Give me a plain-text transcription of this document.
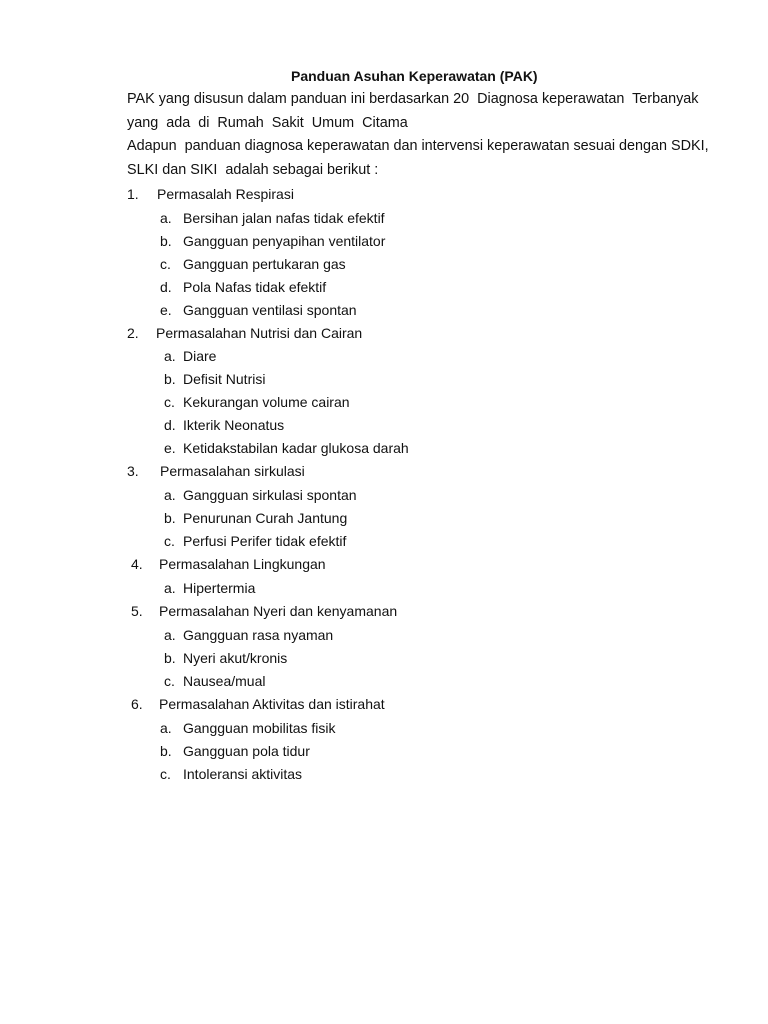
Panduan Asuhan Keperawatan (PAK)
PAK yang disusun dalam panduan ini berdasarkan 20  Diagnosa keperawatan  Terbanyak
yang  ada  di  Rumah  Sakit  Umum  Citama
Adapun  panduan diagnosa keperawatan dan intervensi keperawatan sesuai dengan SDKI,
SLKI dan SIKI  adalah sebagai berikut :
1. Permasalah Respirasi
a. Bersihan jalan nafas tidak efektif
b. Gangguan penyapihan ventilator
c. Gangguan pertukaran gas
d. Pola Nafas tidak efektif
e. Gangguan ventilasi spontan
2. Permasalahan Nutrisi dan Cairan
a. Diare
b. Defisit Nutrisi
c. Kekurangan volume cairan
d. Ikterik Neonatus
e. Ketidakstabilan kadar glukosa darah
3. Permasalahan sirkulasi
a. Gangguan sirkulasi spontan
b. Penurunan Curah Jantung
c. Perfusi Perifer tidak efektif
4. Permasalahan Lingkungan
a. Hipertermia
5. Permasalahan Nyeri dan kenyamanan
a. Gangguan rasa nyaman
b. Nyeri akut/kronis
c. Nausea/mual
6. Permasalahan Aktivitas dan istirahat
a. Gangguan mobilitas fisik
b. Gangguan pola tidur
c. Intoleransi aktivitas
